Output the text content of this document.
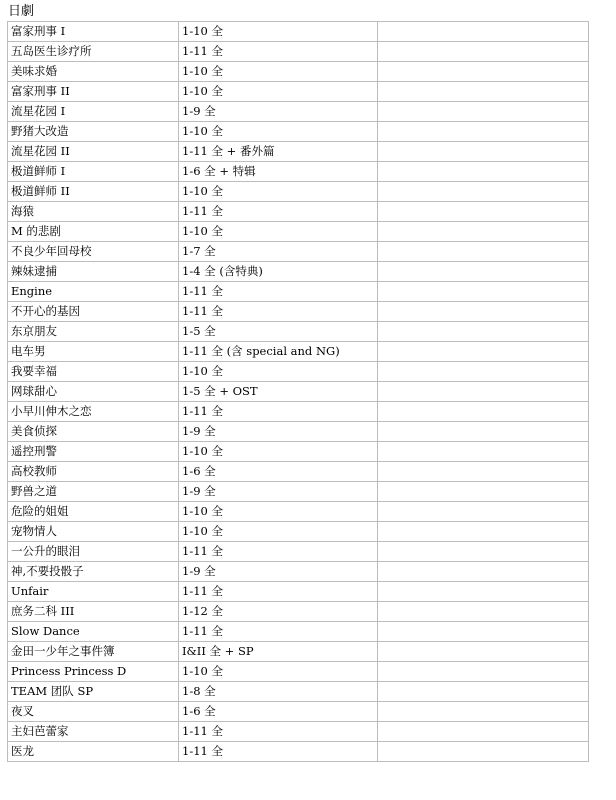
日劇
富家刑事 I	1-10 全	
五岛医生诊疗所	1-11 全	
美味求婚	1-10 全	
富家刑事 II	1-10 全	
流星花园 I	1-9 全	
野猪大改造	1-10 全	
流星花园 II	1-11 全 + 番外篇	
极道鲜师 I	1-6 全 + 特辑	
极道鲜师 II	1-10 全	
海猿	1-11 全	
M 的悲剧	1-10 全	
不良少年回母校	1-7 全	
辣妹逮捕	1-4 全 (含特典)	
Engine	1-11 全	
不开心的基因	1-11 全	
东京朋友	1-5 全	
电车男	1-11 全 (含 special and NG)	
我要幸福	1-10 全	
网球甜心	1-5 全 + OST	
小早川伸木之恋	1-11 全	
美食侦探	1-9 全	
遥控刑警	1-10 全	
高校教师	1-6 全	
野兽之道	1-9 全	
危险的姐姐	1-10 全	
宠物情人	1-10 全	
一公升的眼泪	1-11 全	
神,不要投骰子	1-9 全	
Unfair	1-11 全	
庶务二科 III	1-12 全	
Slow Dance	1-11 全	
金田一少年之事件簿	I&II 全 + SP	
Princess Princess D	1-10 全	
TEAM 团队 SP	1-8 全	
夜叉	1-6 全	
主妇芭蕾家	1-11 全	
医龙	1-11 全	
